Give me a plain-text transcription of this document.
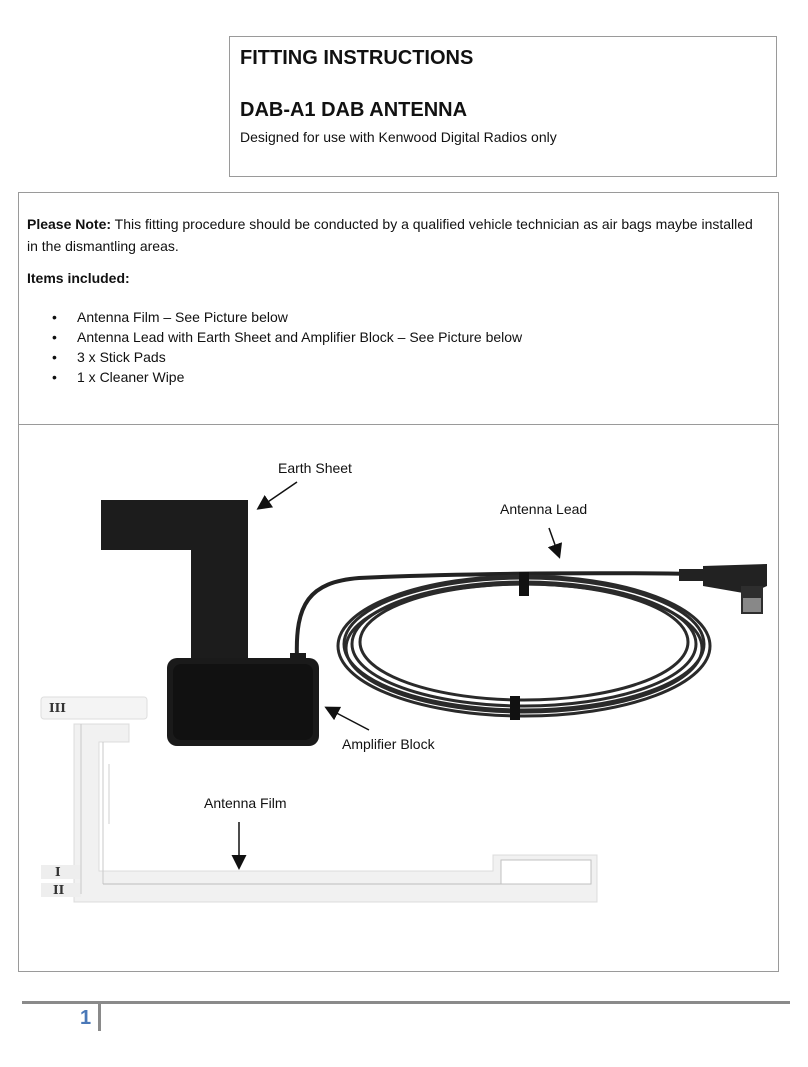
FITTING INSTRUCTIONS
DAB-A1 DAB ANTENNA
Designed for use with Kenwood Digital Radios only
Please Note: This fitting procedure should be conducted by a qualified vehicle technician as air bags maybe installed in the dismantling areas.
Items included:
• Antenna Film – See Picture below
• Antenna Lead with Earth Sheet and Amplifier Block – See Picture below
• 3 x Stick Pads
• 1 x Cleaner Wipe
III
I
II
Earth Sheet
Antenna Lead
Amplifier Block
Antenna Film
1
